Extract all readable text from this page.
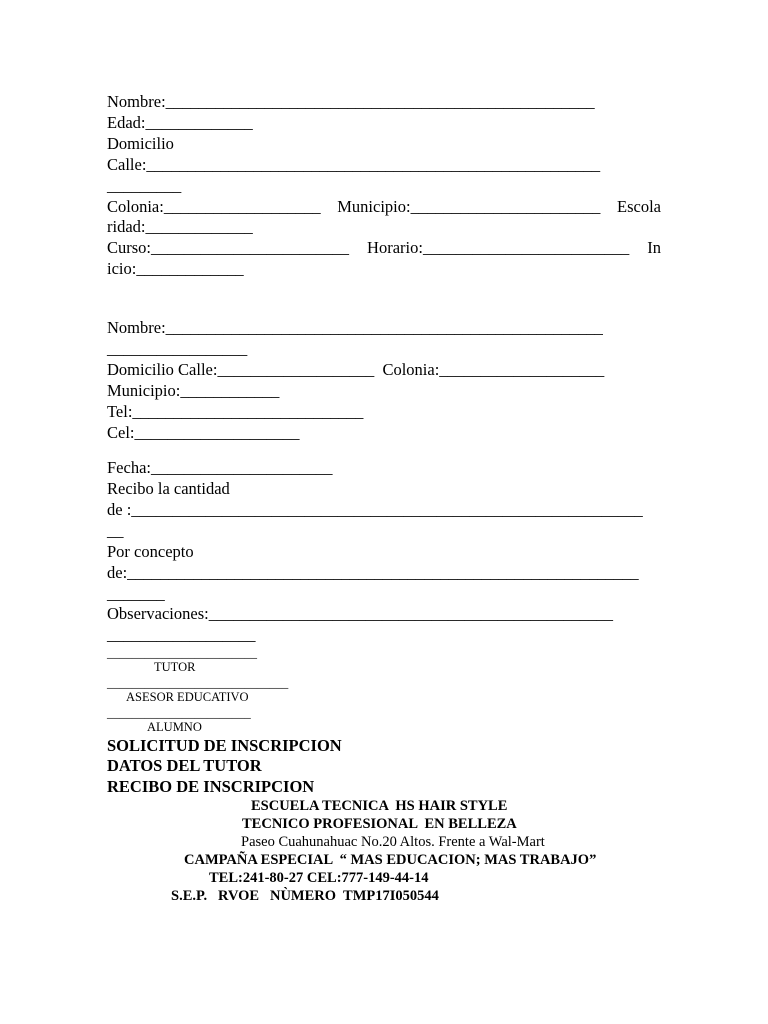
Nombre:____________________________________________________
Edad:_____________
Domicilio
Calle:_______________________________________________________
_________
Colonia:___________________ Municipio:_______________________ Escola
ridad:_____________
Curso:________________________ Horario:_________________________ In
icio:_____________
Nombre:_____________________________________________________
_________________
Domicilio Calle:___________________  Colonia:____________________
Municipio:____________
Tel:____________________________
Cel:____________________
Fecha:______________________
Recibo la cantidad
de :______________________________________________________________
__
Por concepto
de:______________________________________________________________
_______
Observaciones:_________________________________________________
__________________
________________________
TUTOR
_____________________________
ASESOR EDUCATIVO
_______________________
ALUMNO
SOLICITUD DE INSCRIPCION
DATOS DEL TUTOR
RECIBO DE INSCRIPCION
ESCUELA TECNICA  HS HAIR STYLE
TECNICO PROFESIONAL  EN BELLEZA
Paseo Cuahunahuac No.20 Altos. Frente a Wal-Mart
CAMPAÑA ESPECIAL  “ MAS EDUCACION; MAS TRABAJO”
TEL:241-80-27 CEL:777-149-44-14
S.E.P.   RVOE   NÙMERO  TMP17I050544
